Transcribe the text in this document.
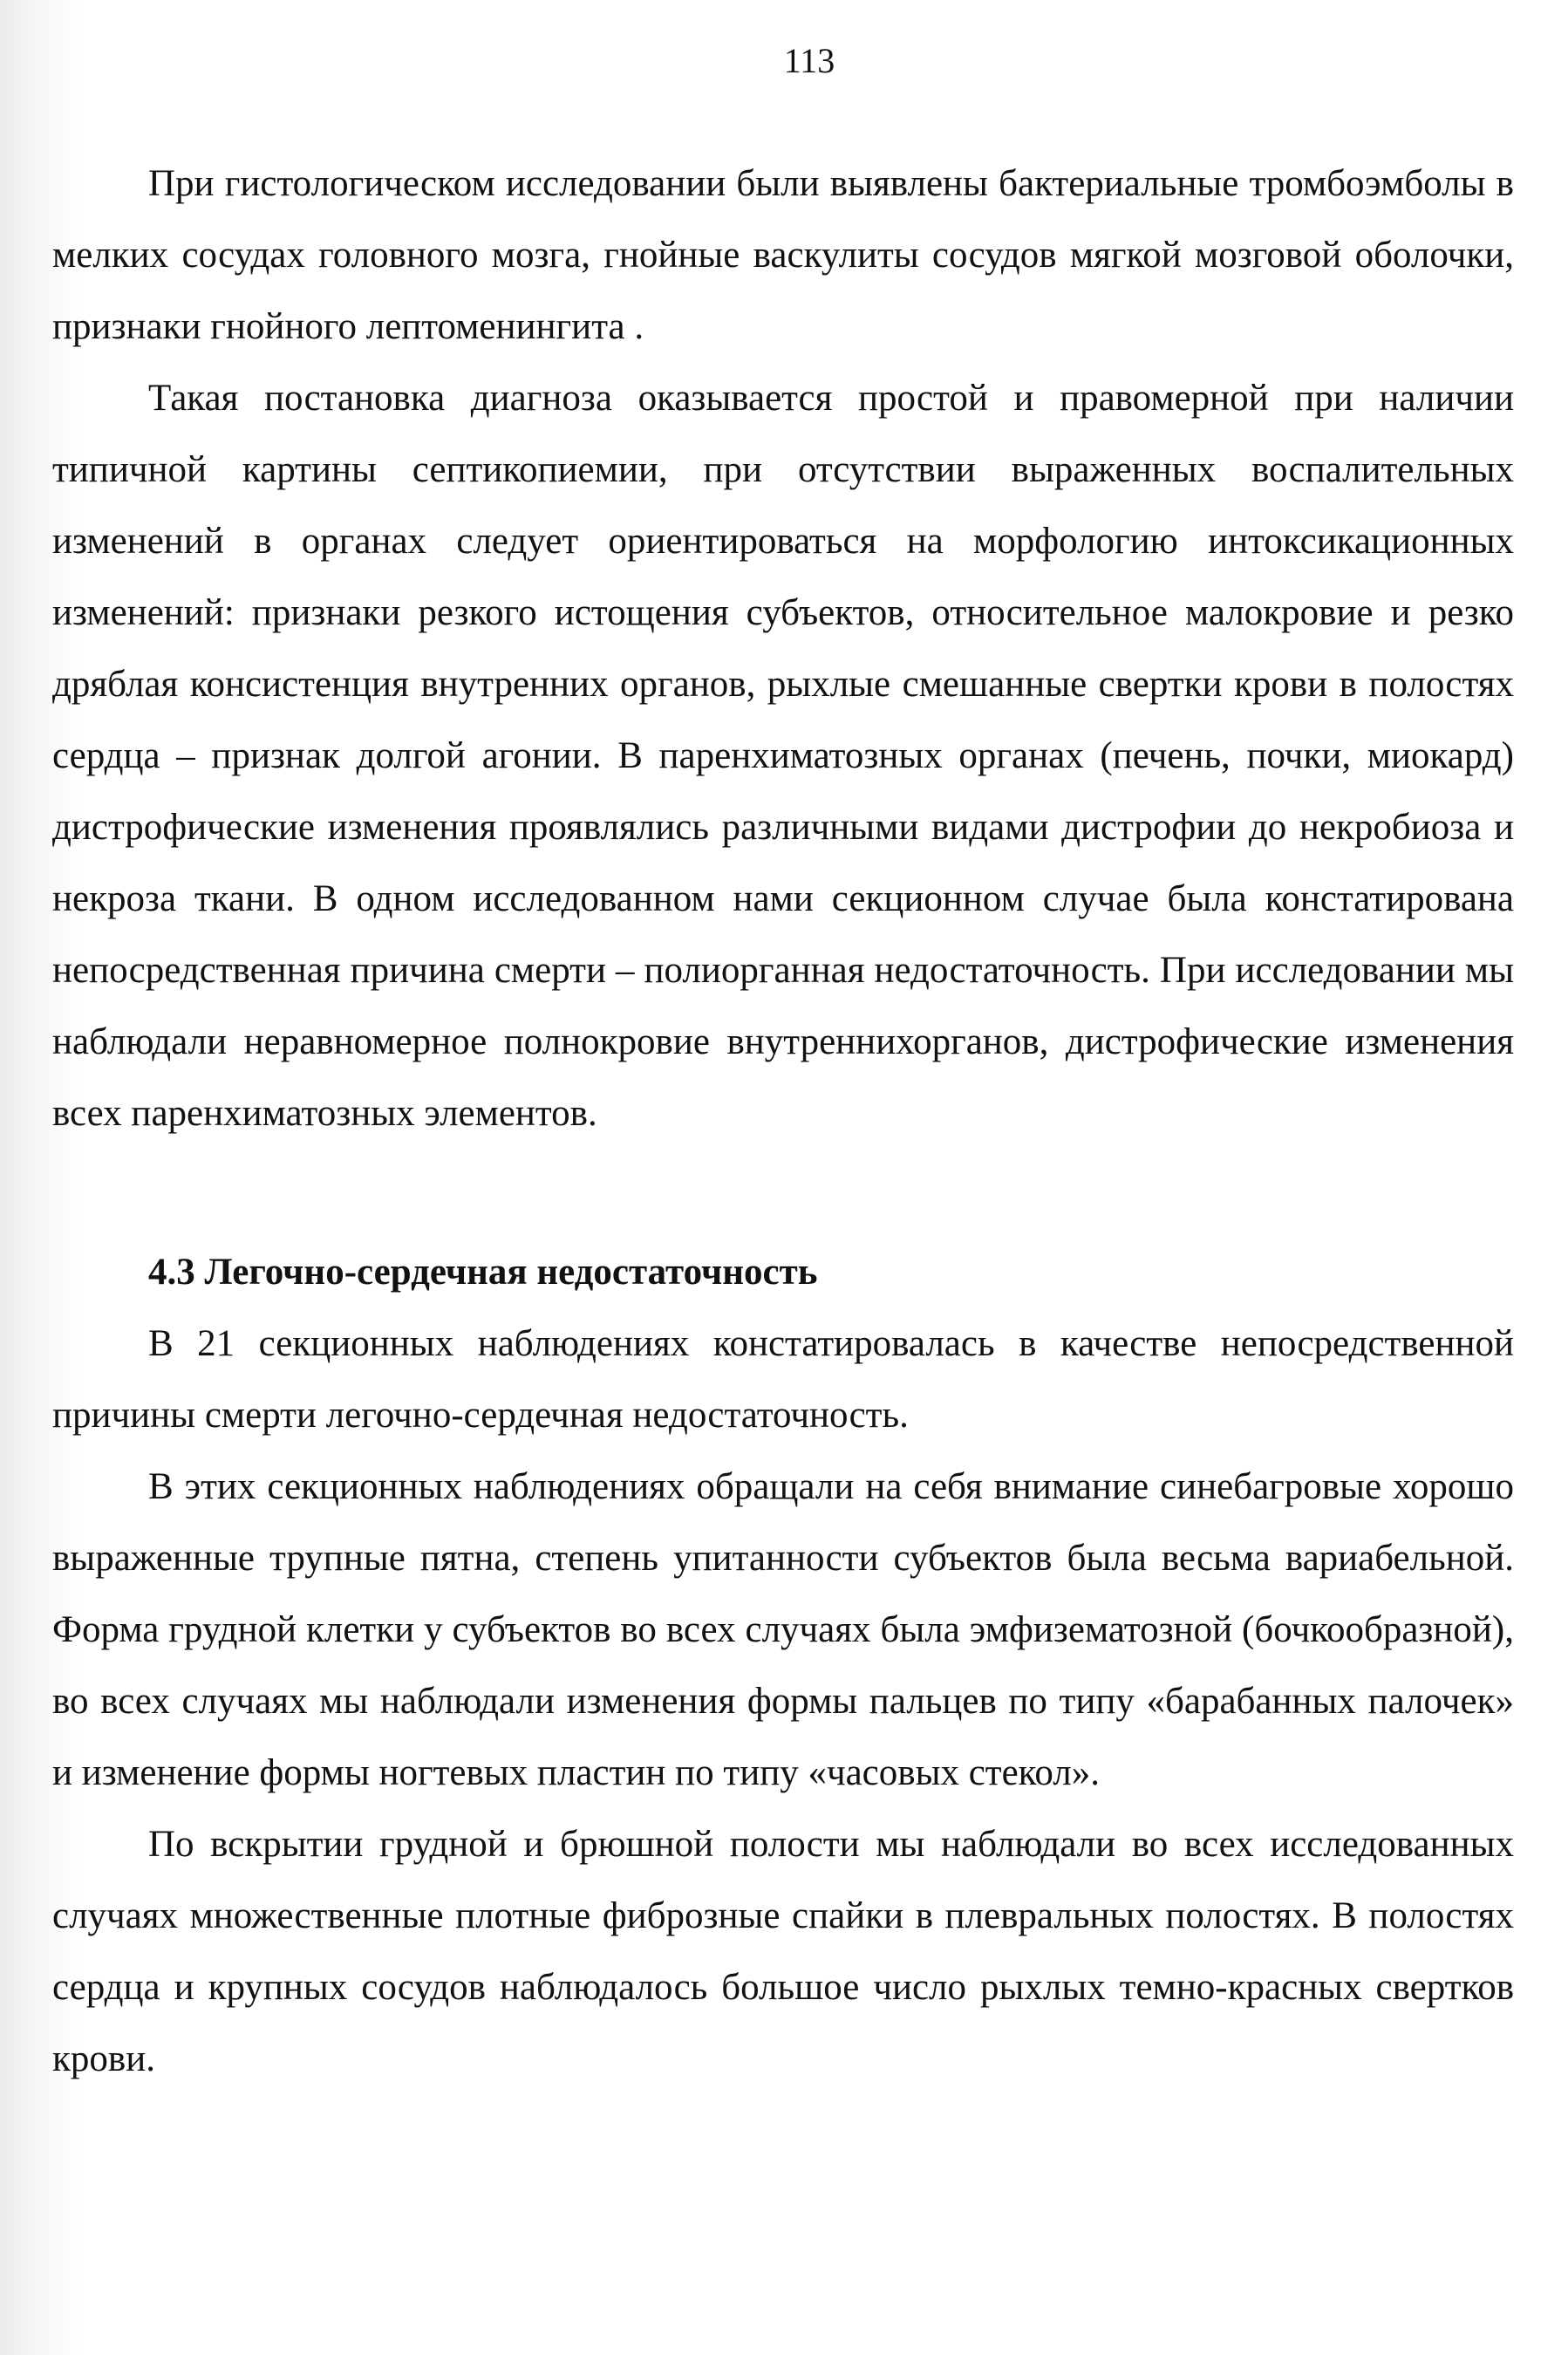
113

При гистологическом исследовании были выявлены бактериальные тромбоэмболы в мелких сосудах головного мозга, гнойные васкулиты сосудов мягкой мозговой оболочки, признаки гнойного лептоменингита .

Такая постановка диагноза оказывается простой и правомерной при наличии типичной картины септикопиемии, при отсутствии выраженных воспалительных изменений в органах следует ориентироваться на морфологию интоксикационных изменений: признаки резкого истощения субъектов, относительное малокровие и резко дряблая консистенция внутренних органов, рыхлые смешанные свертки крови в полостях сердца – признак долгой агонии. В паренхиматозных органах (печень, почки, миокард) дистрофические изменения проявлялись различными видами дистрофии до некробиоза и некроза ткани. В одном исследованном нами секционном случае была констатирована непосредственная причина смерти – полиорганная недостаточность. При исследовании мы наблюдали неравномерное полнокровие внутреннихорганов, дистрофические изменения всех паренхиматозных элементов.

4.3 Легочно-сердечная недостаточность

В 21 секционных наблюдениях констатировалась в качестве непосредственной причины смерти легочно-сердечная недостаточность.

В этих секционных наблюдениях обращали на себя внимание синебагровые хорошо выраженные трупные пятна, степень упитанности субъектов была весьма вариабельной. Форма грудной клетки у субъектов во всех случаях была эмфизематозной (бочкообразной), во всех случаях мы наблюдали изменения формы пальцев по типу «барабанных палочек» и изменение формы ногтевых пластин по типу «часовых стекол».

По вскрытии грудной и брюшной полости мы наблюдали во всех исследованных случаях множественные плотные фиброзные спайки в плевральных полостях. В полостях сердца и крупных сосудов наблюдалось большое число рыхлых темно-красных свертков крови.
